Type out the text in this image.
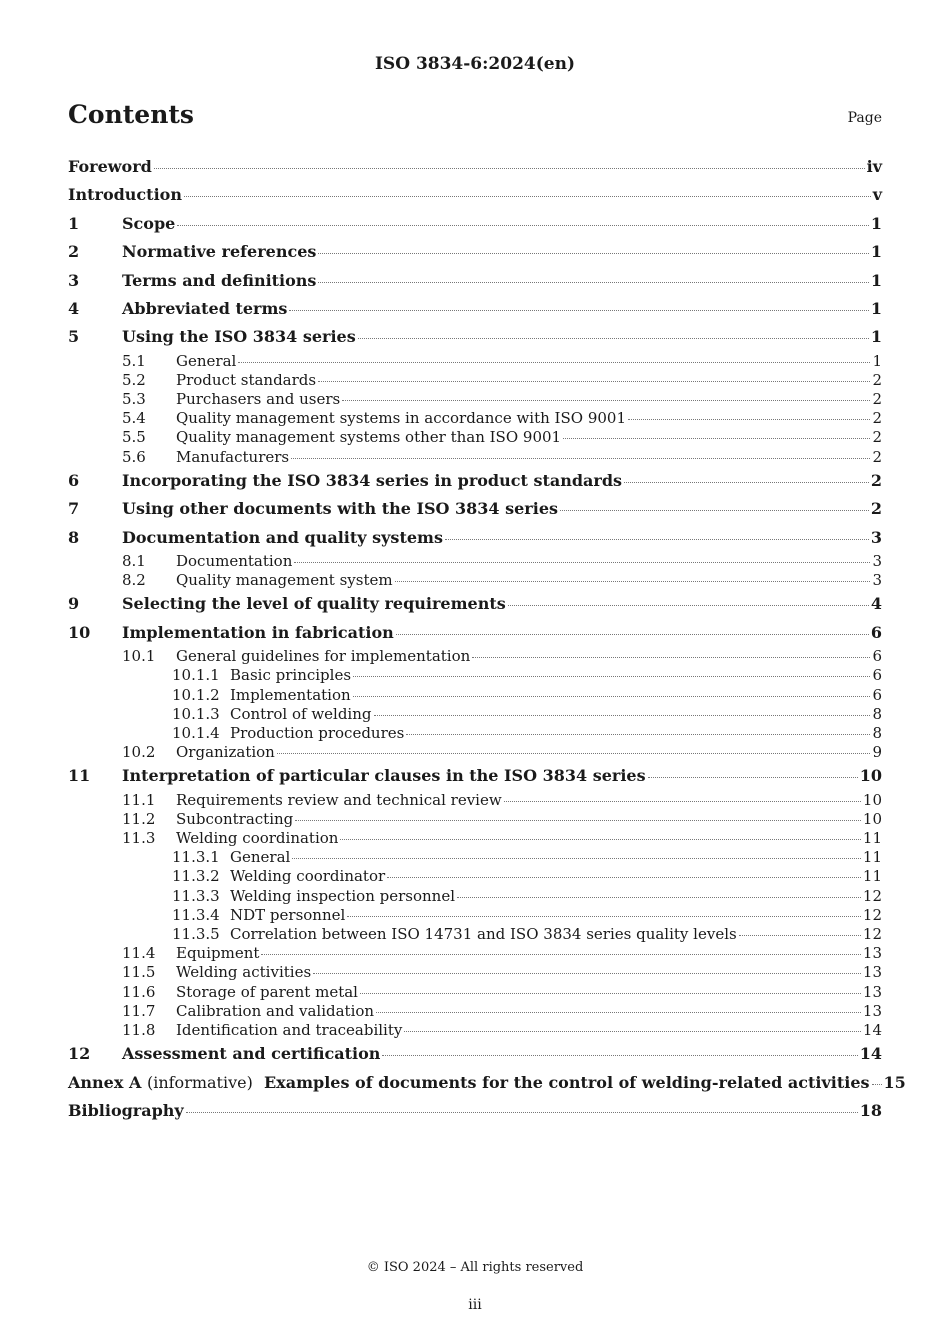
ISO 3834-6:2024(en)
Contents	Page
Foreword	iv
Introduction	v
1	Scope	1
2	Normative references	1
3	Terms and definitions	1
4	Abbreviated terms	1
5	Using the ISO 3834 series	1
5.1	General	1
5.2	Product standards	2
5.3	Purchasers and users	2
5.4	Quality management systems in accordance with ISO 9001	2
5.5	Quality management systems other than ISO 9001	2
5.6	Manufacturers	2
6	Incorporating the ISO 3834 series in product standards	2
7	Using other documents with the ISO 3834 series	2
8	Documentation and quality systems	3
8.1	Documentation	3
8.2	Quality management system	3
9	Selecting the level of quality requirements	4
10	Implementation in fabrication	6
10.1	General guidelines for implementation	6
10.1.1 Basic principles	6
10.1.2 Implementation	6
10.1.3 Control of welding	8
10.1.4 Production procedures	8
10.2	Organization	9
11	Interpretation of particular clauses in the ISO 3834 series	10
11.1	Requirements review and technical review	10
11.2	Subcontracting	10
11.3	Welding coordination	11
11.3.1 General	11
11.3.2 Welding coordinator	11
11.3.3 Welding inspection personnel	12
11.3.4 NDT personnel	12
11.3.5 Correlation between ISO 14731 and ISO 3834 series quality levels	12
11.4	Equipment	13
11.5	Welding activities	13
11.6	Storage of parent metal	13
11.7	Calibration and validation	13
11.8	Identification and traceability	14
12	Assessment and certification	14
Annex A (informative) Examples of documents for the control of welding-related activities 15
Bibliography	18
© ISO 2024 – All rights reserved
iii
